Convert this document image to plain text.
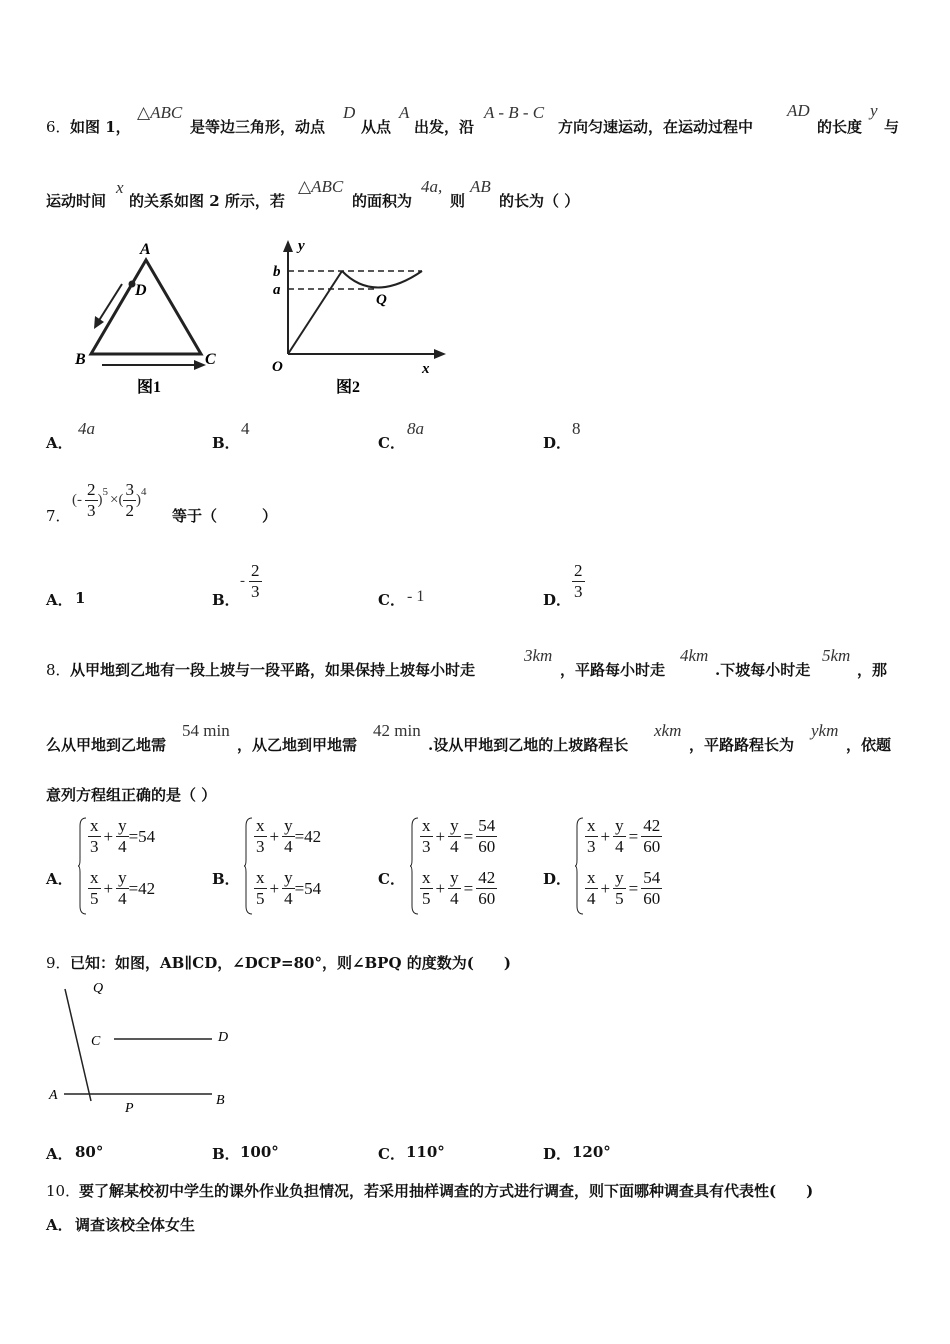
6． 如图 1，
△ABC
是等边三角形，动点
D
从点
A
出发，沿
A - B - C
方向匀速运动，在运动过程中
AD
的长度
y
与
运动时间
x
的关系如图 2 所示，若
△ABC
的面积为
4a,
则
AB
的长为（ ）
A
B	C
D
图1
y
b
a
Q
O	x
图2
A．
4a
B．
4
C．
8a
D．
8
7．
(- $\frac{2}{3} )^5$ ×( $\frac{3}{2} )^4$
等于（　　　）
A． 1	B．
- $\frac{2}{3}$	C． - 1	D． $\frac{2}{3}$
8． 从甲地到乙地有一段上坡与一段平路，如果保持上坡每小时走
3km
，平路每小时走
4km
.下坡每小时走
5km
，那
么从甲地到乙地需
54 min
，从乙地到甲地需
42 min
.设从甲地到乙地的上坡路程长
xkm
，平路路程长为
ykm
，依题
意列方程组正确的是（ ）
A．
$\frac{x}{3} + \frac{y}{4} =54$
$\frac{x}{5} + \frac{y}{4} =42$	B．
$\frac{x}{3} + \frac{y}{4} =42$
$\frac{x}{5} + \frac{y}{4} =54$	C．
$\frac{x}{3} + \frac{y}{4} = \frac{54}{60}$
$\frac{x}{5} + \frac{y}{4} = \frac{42}{60}$	D．
$\frac{x}{3} + \frac{y}{4} = \frac{42}{60}$
$\frac{x}{4} + \frac{y}{5} = \frac{54}{60}$
9． 已知：如图，AB∥CD，∠DCP=80°，则∠BPQ 的度数为(　　)
Q
C	D
A
P
B
A． 80°	B． 100°	C． 110°	D． 120°
10．
要了解某校初中学生的课外作业负担情况，若采用抽样调查的方式进行调查，则下面哪种调查具有代表性(　　)
A． 调查该校全体女生
